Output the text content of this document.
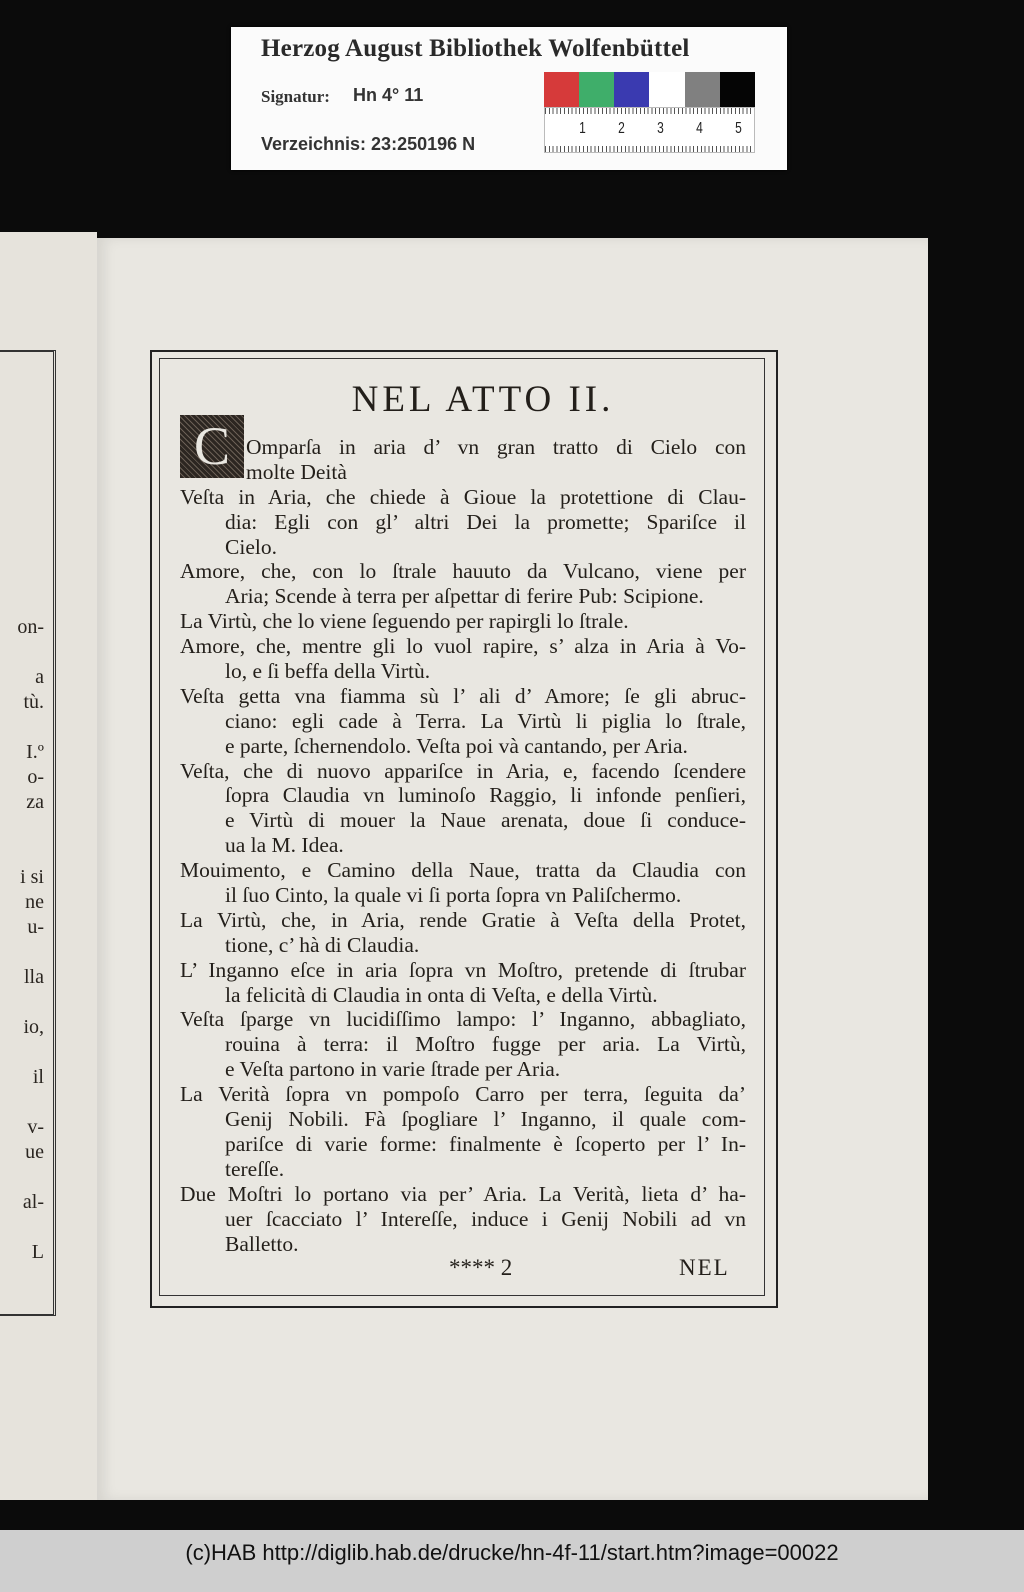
Herzog August Bibliothek Wolfenbüttel
Signatur: Hn 4° 11
Verzeichnis: 23:250196 N
1 2 3 4 5
on-
a
tù.
I.º
o-
za
i si
ne
u-
lla
io,
il
v-
ue
al-
L
NEL ATTO II.
C Omparſa in aria d’ vn gran tratto di Cielo con
molte Deità
Veſta in Aria, che chiede à Gioue la protettione di Clau-
dia: Egli con gl’ altri Dei la promette; Spariſce il
Cielo.
Amore, che, con lo ſtrale hauuto da Vulcano, viene per
Aria; Scende à terra per aſpettar di ferire Pub: Scipione.
La Virtù, che lo viene ſeguendo per rapirgli lo ſtrale.
Amore, che, mentre gli lo vuol rapire, s’ alza in Aria à Vo-
lo, e ſi beffa della Virtù.
Veſta getta vna fiamma sù l’ ali d’ Amore; ſe gli abruc-
ciano: egli cade à Terra. La Virtù li piglia lo ſtrale,
e parte, ſchernendolo. Veſta poi và cantando, per Aria.
Veſta, che di nuovo appariſce in Aria, e, facendo ſcendere
ſopra Claudia vn luminoſo Raggio, li infonde penſieri,
e Virtù di mouer la Naue arenata, doue ſi conduce-
ua la M. Idea.
Mouimento, e Camino della Naue, tratta da Claudia con
il ſuo Cinto, la quale vi ſi porta ſopra vn Paliſchermo.
La Virtù, che, in Aria, rende Gratie à Veſta della Protet,
tione, c’ hà di Claudia.
L’ Inganno eſce in aria ſopra vn Moſtro, pretende di ſtrubar
la felicità di Claudia in onta di Veſta, e della Virtù.
Veſta ſparge vn lucidiſſimo lampo: l’ Inganno, abbagliato,
rouina à terra: il Moſtro fugge per aria. La Virtù,
e Veſta partono in varie ſtrade per Aria.
La Verità ſopra vn pompoſo Carro per terra, ſeguita da’
Genij Nobili. Fà ſpogliare l’ Inganno, il quale com-
pariſce di varie forme: finalmente è ſcoperto per l’ In-
tereſſe.
Due Moſtri lo portano via per’ Aria. La Verità, lieta d’ ha-
uer ſcacciato l’ Intereſſe, induce i Genij Nobili ad vn
Balletto.
**** 2	NEL
(c)HAB http://diglib.hab.de/drucke/hn-4f-11/start.htm?image=00022
